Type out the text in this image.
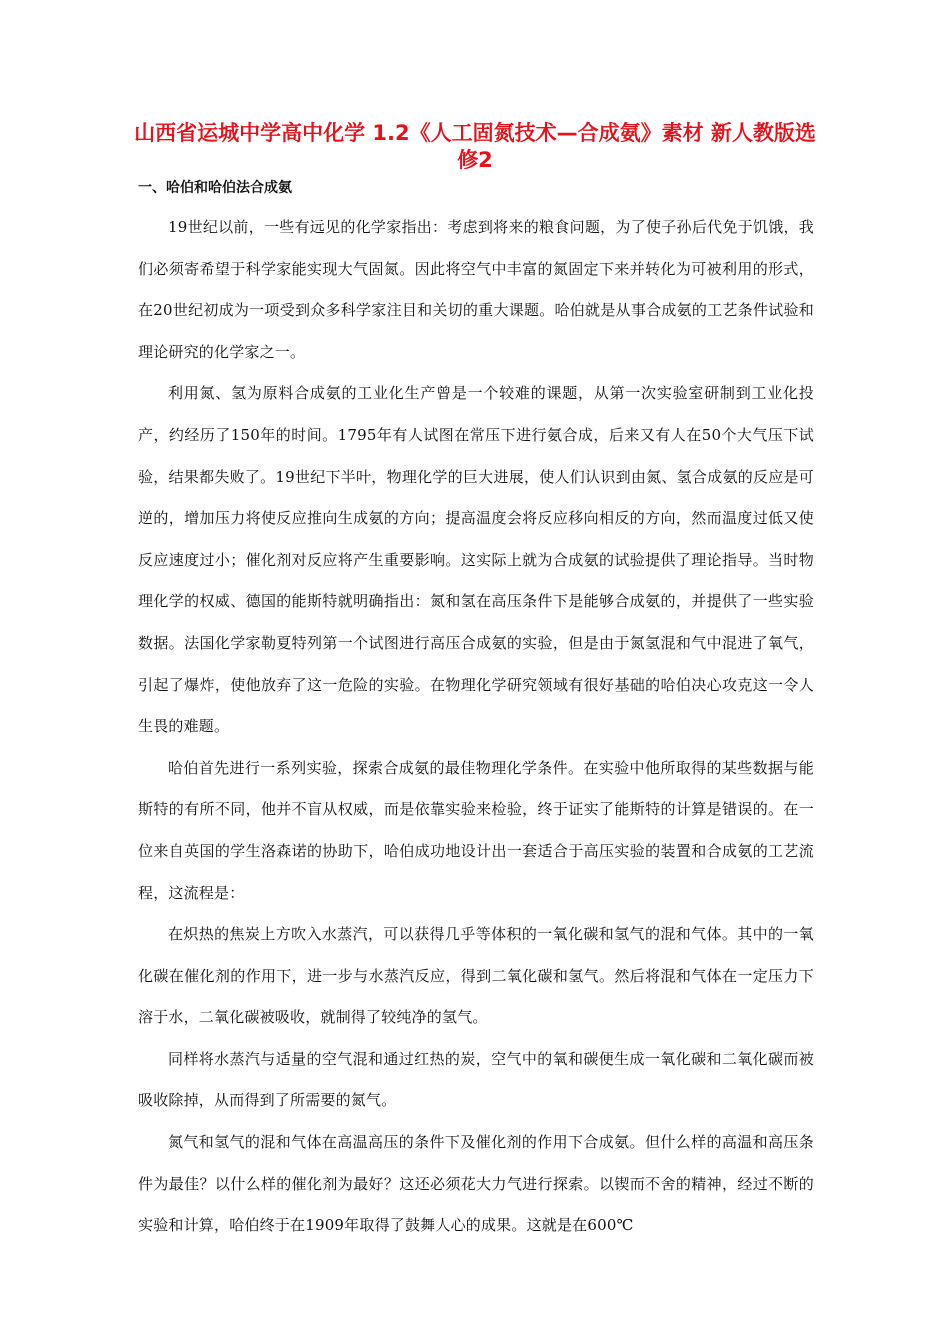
山西省运城中学高中化学 1.2《人工固氮技术—合成氨》素材 新人教版选修2
一、哈伯和哈伯法合成氨

19世纪以前，一些有远见的化学家指出：考虑到将来的粮食问题，为了使子孙后代免于饥饿，我们必须寄希望于科学家能实现大气固氮。因此将空气中丰富的氮固定下来并转化为可被利用的形式，在20世纪初成为一项受到众多科学家注目和关切的重大课题。哈伯就是从事合成氨的工艺条件试验和理论研究的化学家之一。

利用氮、氢为原料合成氨的工业化生产曾是一个较难的课题，从第一次实验室研制到工业化投产，约经历了150年的时间。1795年有人试图在常压下进行氨合成，后来又有人在50个大气压下试验，结果都失败了。19世纪下半叶，物理化学的巨大进展，使人们认识到由氮、氢合成氨的反应是可逆的，增加压力将使反应推向生成氨的方向；提高温度会将反应移向相反的方向，然而温度过低又使反应速度过小；催化剂对反应将产生重要影响。这实际上就为合成氨的试验提供了理论指导。当时物理化学的权威、德国的能斯特就明确指出：氮和氢在高压条件下是能够合成氨的，并提供了一些实验数据。法国化学家勒夏特列第一个试图进行高压合成氨的实验，但是由于氮氢混和气中混进了氧气，引起了爆炸，使他放弃了这一危险的实验。在物理化学研究领域有很好基础的哈伯决心攻克这一令人生畏的难题。

哈伯首先进行一系列实验，探索合成氨的最佳物理化学条件。在实验中他所取得的某些数据与能斯特的有所不同，他并不盲从权威，而是依靠实验来检验，终于证实了能斯特的计算是错误的。在一位来自英国的学生洛森诺的协助下，哈伯成功地设计出一套适合于高压实验的装置和合成氨的工艺流程，这流程是：

在炽热的焦炭上方吹入水蒸汽，可以获得几乎等体积的一氧化碳和氢气的混和气体。其中的一氧化碳在催化剂的作用下，进一步与水蒸汽反应，得到二氧化碳和氢气。然后将混和气体在一定压力下溶于水，二氧化碳被吸收，就制得了较纯净的氢气。

同样将水蒸汽与适量的空气混和通过红热的炭，空气中的氧和碳便生成一氧化碳和二氧化碳而被吸收除掉，从而得到了所需要的氮气。

氮气和氢气的混和气体在高温高压的条件下及催化剂的作用下合成氨。但什么样的高温和高压条件为最佳？以什么样的催化剂为最好？这还必须花大力气进行探索。以锲而不舍的精神，经过不断的实验和计算，哈伯终于在1909年取得了鼓舞人心的成果。这就是在600℃
